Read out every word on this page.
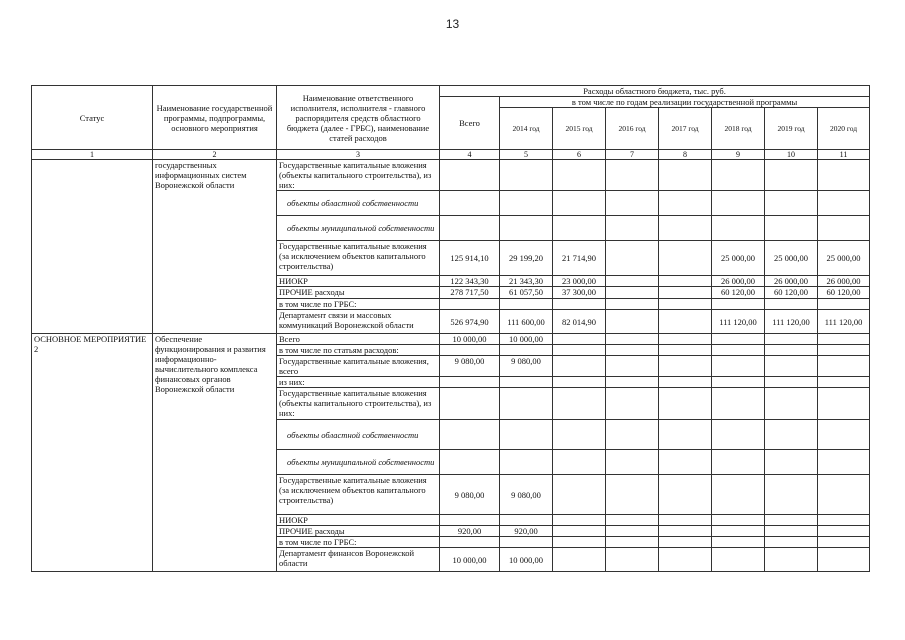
13
Статус	Наименование государственной программы, подпрограммы, основного мероприятия	Наименование ответственного исполнителя, исполнителя - главного распорядителя средств областного бюджета (далее - ГРБС), наименование статей расходов	Расходы областного бюджета, тыс. руб.							
			Всего	в том числе по годам реализации государственной программы						
				2014 год	2015 год	2016 год	2017 год	2018 год	2019 год	2020 год
1	2	3	4	5	6	7	8	9	10	11
	государственных информационных систем Воронежской области	Государственные капитальные вложения (объекты капитального строительства), из них:								
		объекты областной собственности								
		объекты муниципальной собственности								
		Государственные капитальные вложения (за исключением объектов капитального строительства)	125 914,10	29 199,20	21 714,90			25 000,00	25 000,00	25 000,00
		НИОКР	122 343,30	21 343,30	23 000,00			26 000,00	26 000,00	26 000,00
		ПРОЧИЕ расходы	278 717,50	61 057,50	37 300,00			60 120,00	60 120,00	60 120,00
		в том числе по ГРБС:								
		Департамент связи и массовых коммуникаций Воронежской области	526 974,90	111 600,00	82 014,90			111 120,00	111 120,00	111 120,00
ОСНОВНОЕ МЕРОПРИЯТИЕ 2	Обеспечение функционирования и развития информационно-вычислительного комплекса финансовых органов Воронежской области	Всего	10 000,00	10 000,00						
		в том числе по статьям расходов:								
		Государственные капитальные вложения, всего	9 080,00	9 080,00						
		из них:								
		Государственные капитальные вложения (объекты капитального строительства), из них:								
		объекты областной собственности								
		объекты муниципальной собственности								
		Государственные капитальные вложения (за исключением объектов капитального строительства)	9 080,00	9 080,00						
		НИОКР								
		ПРОЧИЕ расходы	920,00	920,00						
		в том числе по ГРБС:								
		Департамент финансов Воронежской области	10 000,00	10 000,00						
